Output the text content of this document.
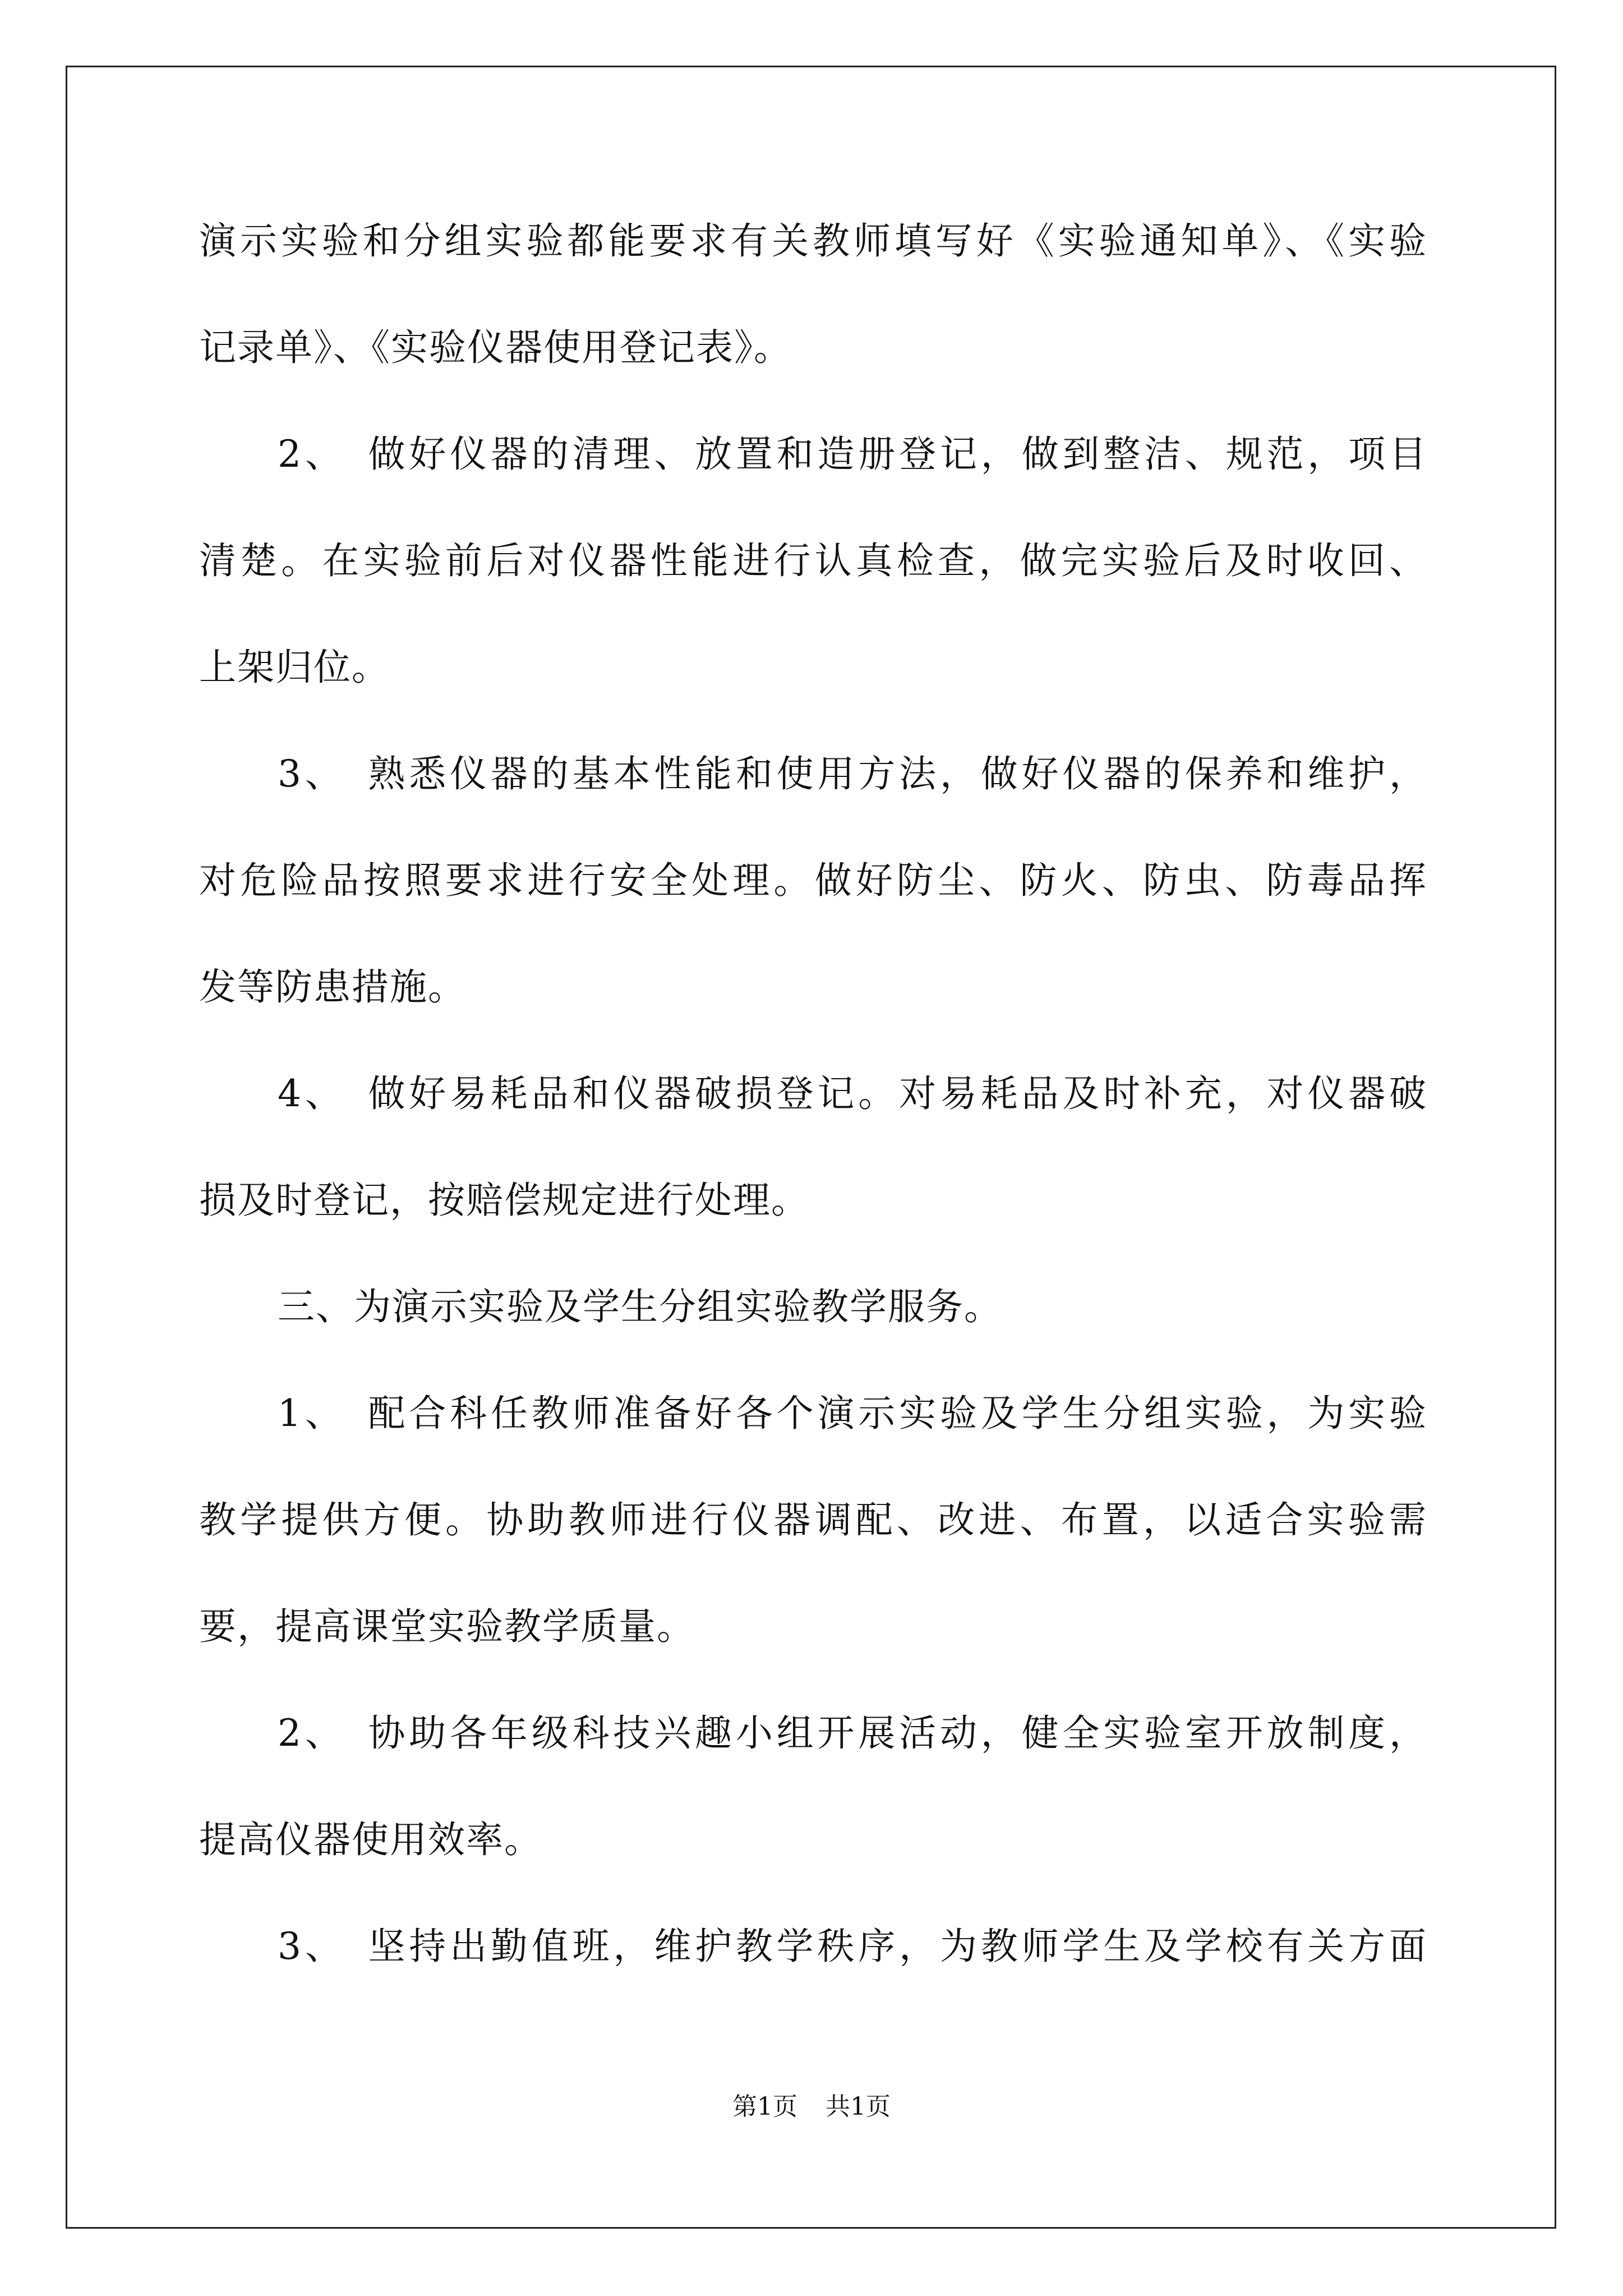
演示实验和分组实验都能要求有关教师填写好《实验通知单》、《实验
记录单》、《实验仪器使用登记表》。
2、　做好仪器的清理、放置和造册登记，做到整洁、规范，项目
清楚。在实验前后对仪器性能进行认真检查，做完实验后及时收回、
上架归位。
3、　熟悉仪器的基本性能和使用方法，做好仪器的保养和维护，
对危险品按照要求进行安全处理。做好防尘、防火、防虫、防毒品挥
发等防患措施。
4、　做好易耗品和仪器破损登记。对易耗品及时补充，对仪器破
损及时登记，按赔偿规定进行处理。
三、为演示实验及学生分组实验教学服务。
1、　配合科任教师准备好各个演示实验及学生分组实验，为实验
教学提供方便。协助教师进行仪器调配、改进、布置，以适合实验需
要，提高课堂实验教学质量。
2、　协助各年级科技兴趣小组开展活动，健全实验室开放制度，
提高仪器使用效率。
3、　坚持出勤值班，维护教学秩序，为教师学生及学校有关方面
第1页 共1页
